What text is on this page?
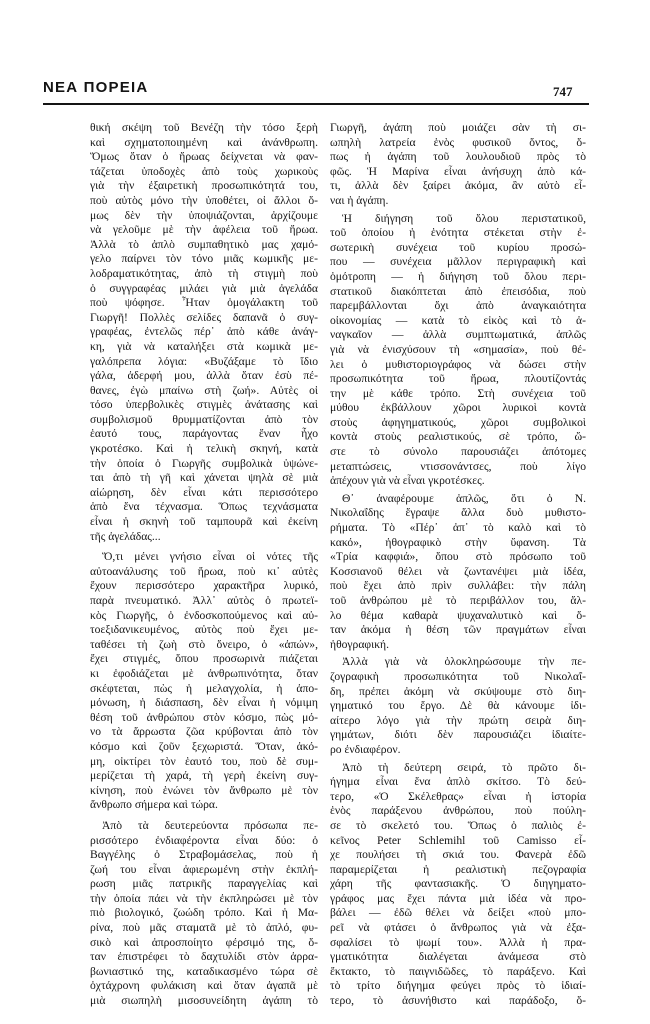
ΝΕΑ ΠΟΡΕΙΑ	747
θική σκέψη τοῦ Βενέζη τὴν τόσο ξερὴ
καὶ σχηματοποιημένη καὶ ἀνάνθρωπη.
Ὅμως ὅταν ὁ ἥρωας δείχνεται νὰ φαν-
τάζεται ὑποδοχὲς ἀπὸ τοὺς χωρικοὺς
γιὰ τὴν ἐξαιρετικὴ προσωπικότητά του,
ποὺ αὐτὸς μόνο τὴν ὑποθέτει, οἱ ἄλλοι ὅ-
μως δὲν τὴν ὑποψιάζονται, ἀρχίζουμε
νὰ γελοῦμε μὲ τὴν ἀφέλεια τοῦ ἥρωα.
Ἀλλὰ τὸ ἁπλὸ συμπαθητικὸ μας χαμό-
γελο παίρνει τὸν τόνο μιᾶς κωμικῆς με-
λοδραματικότητας, ἀπὸ τὴ στιγμὴ ποὺ
ὁ συγγραφέας μιλάει γιὰ μιὰ ἀγελάδα
ποὺ ψόφησε. Ἦταν ὁμογάλακτη τοῦ
Γιωργῆ! Πολλὲς σελίδες δαπανᾶ ὁ συγ-
γραφέας, ἐντελῶς πέρ᾿ ἀπὸ κάθε ἀνάγ-
κη, γιὰ νὰ καταλήξει στὰ κωμικὰ με-
γαλόπρεπα λόγια: «Βυζάξαμε τὸ ἴδιο
γάλα, ἀδερφή μου, ἀλλὰ ὅταν ἐσὺ πέ-
θανες, ἐγὼ μπαίνω στὴ ζωή». Αὐτὲς οἱ
τόσο ὑπερβολικὲς στιγμὲς ἀνάτασης καὶ
συμβολισμοῦ θρυμματίζονται ἀπὸ τὸν
ἑαυτό τους, παράγοντας ἕναν ἦχο
γκροτέσκο. Καὶ ἡ τελικὴ σκηνή, κατὰ
τὴν ὁποία ὁ Γιωργῆς συμβολικὰ ὑψώνε-
ται ἀπὸ τὴ γῆ καὶ χάνεται ψηλὰ σὲ μιὰ
αἰώρηση, δὲν εἶναι κάτι περισσότερο
ἀπὸ ἕνα τέχνασμα. Ὅπως τεχνάσματα
εἶναι ἡ σκηνὴ τοῦ ταμπουρᾶ καὶ ἐκείνη
τῆς ἀγελάδας...
Ὅ,τι μένει γνήσιο εἶναι οἱ νότες τῆς
αὐτοανάλυσης τοῦ ἥρωα, ποὺ κι᾿ αὐτὲς
ἔχουν περισσότερο χαρακτῆρα λυρικό,
παρὰ πνευματικό. Ἀλλ᾿ αὐτὸς ὁ πρωτεϊ-
κὸς Γιωργῆς, ὁ ἐνδοσκοπούμενος καὶ αὐ-
τοεξιδανικευμένος, αὐτὸς ποὺ ἔχει με-
ταθέσει τὴ ζωὴ στὸ ὄνειρο, ὁ «ἀπών»,
ἔχει στιγμές, ὅπου προσωρινὰ πιάζεται
κι ἐφοδιάζεται μὲ ἀνθρωπινότητα, ὅταν
σκέφτεται, πὼς ἡ μελαγχολία, ἡ ἀπο-
μόνωση, ἡ διάσπαση, δὲν εἶναι ἡ νόμιμη
θέση τοῦ ἀνθρώπου στὸν κόσμο, πὼς μό-
νο τὰ ἄρρωστα ζῶα κρύβονται ἀπὸ τὸν
κόσμο καὶ ζοῦν ξεχωριστά. Ὅταν, ἀκό-
μη, οἰκτίρει τὸν ἑαυτό του, ποὺ δὲ συμ-
μερίζεται τὴ χαρά, τὴ γερὴ ἐκείνη συγ-
κίνηση, ποὺ ἑνώνει τὸν ἄνθρωπο μὲ τὸν
ἄνθρωπο σήμερα καὶ τώρα.
Ἀπὸ τὰ δευτερεύοντα πρόσωπα πε-
ρισσότερο ἐνδιαφέροντα εἶναι δύο: ὁ
Βαγγέλης ὁ Στραβομάσελας, ποὺ ἡ
ζωή του εἶναι ἀφιερωμένη στὴν ἐκπλή-
ρωση μιᾶς πατρικῆς παραγγελίας καὶ
τὴν ὁποία πάει νὰ τὴν ἐκπληρώσει μὲ τὸν
πιὸ βιολογικό, ζωώδη τρόπο. Καὶ ἡ Μα-
ρίνα, ποὺ μᾶς σταματᾶ μὲ τὸ ἁπλό, φυ-
σικὸ καὶ ἀπροσποίητο φέρσιμό της, ὅ-
ταν ἐπιστρέφει τὸ δαχτυλίδι στὸν ἀρρα-
βωνιαστικό της, καταδικασμένο τώρα σὲ
ὀχτάχρονη φυλάκιση καὶ ὅταν ἀγαπᾶ μὲ
μιὰ σιωπηλὴ μισοσυνείδητη ἀγάπη τὸ
Γιωργῆ, ἀγάπη ποὺ μοιάζει σὰν τὴ σι-
ωπηλὴ λατρεία ἑνὸς φυσικοῦ ὄντος, ὅ-
πως ἡ ἀγάπη τοῦ λουλουδιοῦ πρὸς τὸ
φῶς. Ἡ Μαρίνα εἶναι ἀνήσυχη ἀπὸ κά-
τι, ἀλλὰ δὲν ξαίρει ἀκόμα, ἂν αὐτὸ εἶ-
ναι ἡ ἀγάπη.
Ἡ διήγηση τοῦ ὅλου περιστατικοῦ,
τοῦ ὁποίου ἡ ἑνότητα στέκεται στὴν ἐ-
σωτερικὴ συνέχεια τοῦ κυρίου προσώ-
που — συνέχεια μᾶλλον περιγραφικὴ καὶ
ὁμότροπη — ἡ διήγηση τοῦ ὅλου περι-
στατικοῦ διακόπτεται ἀπὸ ἐπεισόδια, ποὺ
παρεμβάλλονται ὄχι ἀπὸ ἀναγκαιότητα
οἰκονομίας — κατὰ τὸ εἰκὸς καὶ τὸ ἀ-
ναγκαῖον — ἀλλὰ συμπτωματικά, ἁπλῶς
γιὰ νὰ ἐνισχύσουν τὴ «σημασία», ποὺ θέ-
λει ὁ μυθιστοριογράφος νὰ δώσει στὴν
προσωπικότητα τοῦ ἥρωα, πλουτίζοντάς
την μὲ κάθε τρόπο. Στὴ συνέχεια τοῦ
μύθου ἐκβάλλουν χῶροι λυρικοὶ κοντὰ
στοὺς ἀφηγηματικούς, χῶροι συμβολικοὶ
κοντὰ στοὺς ρεαλιστικούς, σὲ τρόπο, ὥ-
στε τὸ σύνολο παρουσιάζει ἀπότομες
μεταπτώσεις, ντισσονάντσες, ποὺ λίγο
ἀπέχουν γιὰ νὰ εἶναι γκροτέσκες.
Θ᾿ ἀναφέρουμε ἁπλῶς, ὅτι ὁ Ν.
Νικολαΐδης ἔγραψε ἄλλα δυὸ μυθιστο-
ρήματα. Τὸ «Πέρ᾿ ἀπ᾿ τὸ καλὸ καὶ τὸ
κακό», ἠθογραφικὸ στὴν ὕφανση. Τὰ
«Τρία καφφιά», ὅπου στὸ πρόσωπο τοῦ
Κοσσιανοῦ θέλει νὰ ζωντανέψει μιὰ ἰδέα,
ποὺ ἔχει ἀπὸ πρὶν συλλάβει: τὴν πάλη
τοῦ ἀνθρώπου μὲ τὸ περιβάλλον του, ἄλ-
λο θέμα καθαρὰ ψυχαναλυτικὸ καὶ ὄ-
ταν ἀκόμα ἡ θέση τῶν πραγμάτων εἶναι
ἠθογραφική.
Ἀλλὰ γιὰ νὰ ὁλοκληρώσουμε τὴν πε-
ζογραφικὴ προσωπικότητα τοῦ Νικολαΐ-
δη, πρέπει ἀκόμη νὰ σκύψουμε στὸ διη-
γηματικό του ἔργο. Δὲ θὰ κάνουμε ἰδι-
αίτερο λόγο γιὰ τὴν πρώτη σειρὰ διη-
γημάτων, διότι δὲν παρουσιάζει ἰδιαίτε-
ρο ἐνδιαφέρον.
Ἀπὸ τὴ δεύτερη σειρά, τὸ πρῶτο δι-
ήγημα εἶναι ἕνα ἁπλὸ σκίτσο. Τὸ δεύ-
τερο, «Ὁ Σκέλεθρας» εἶναι ἡ ἱστορία
ἑνὸς παράξενου ἀνθρώπου, ποὺ πούλη-
σε τὸ σκελετό του. Ὅπως ὁ παλιὸς ἐ-
κεῖνος Peter Schlemihl τοῦ Camisso εἶ-
χε πουλήσει τὴ σκιά του. Φανερὰ ἐδῶ
παραμερίζεται ἡ ρεαλιστικὴ πεζογραφία
χάρη τῆς φαντασιακῆς. Ὁ διηγηματο-
γράφος μας ἔχει πάντα μιὰ ἰδέα νὰ προ-
βάλει — ἐδῶ θέλει νὰ δείξει «ποὺ μπο-
ρεῖ νὰ φτάσει ὁ ἄνθρωπος γιὰ νὰ ἐξα-
σφαλίσει τὸ ψωμί του». Ἀλλὰ ἡ πρα-
γματικότητα διαλέγεται ἀνάμεσα στὸ
ἔκτακτο, τὸ παιγνιδῶδες, τὸ παράξενο. Καὶ
τὸ τρίτο διήγημα φεύγει πρὸς τὸ ἰδιαί-
τερο, τὸ ἀσυνήθιστο καὶ παράδοξο, ὅ-
